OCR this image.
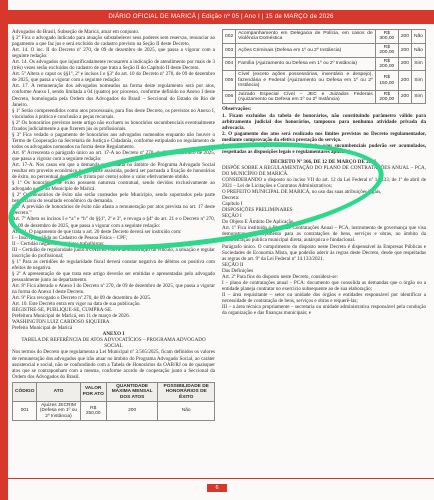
DIÁRIO OFICIAL DE MARICÁ | Edição nº 05 | Ano I | 15 de MARÇO de 2026

Advogados do Brasil, Subseção de Maricá, atuar em conjunto.

§ 2º Fica o advogado indicado para atuação substabelecer seus poderes sem reservas, renunciar ao pagamento a que faz jus e será excluído do cadastro previsto na Seção II deste Decreto.

Art. 14. O inc. II do Decreto nº 270, de 09 de dezembro de 2025, que passa a vigorar com a seguinte redação:

Art. 14. Os advogados que injustificadamente recusarem a indicação de atendimento por mais de 3 (três) vezes serão excluídos do cadastro de que trata a Seção II do Capítulo II deste Decreto.

Art. 5º Altera o caput os §§1º, 2º e incisos I e §3º do art. 10 do Decreto nº 270, de 09 de dezembro de 2025, que passa a vigorar com a seguinte redação:

Art. 17. A remuneração dos advogados nomeados na forma deste regulamento será por atos, conforme Anexo I, sendo limitada a 04 (quatro) por processo, conforme definido no Anexo I deste Decreto, homologada pela Ordem dos Advogados do Brasil – Seccional do Estado do Rio de Janeiro.

§ 1º Serão compreendidos como atos processuais, para fins deste Decreto, os previstos no Anexo I, vinculados à prática e conclusão a peças recursais.

§ 2º Os honorários previstos neste artigo não excluem os honorários sucumbenciais eventualmente fixados judicialmente a que fizerem jus os profissionais.

§ 3º Fica vedado o pagamento de honorários aos advogados nomeados enquanto não houver o Termo de Cooperação na Secretaria de Justiça e Cidadania, conforme estipulado no regulamento de todos os advogados nomeados na forma deste Regulamento.

Art. 6º Acrescenta o parágrafo único ao art. 17-A no Decreto nº 270, de 09 de dezembro de 2025, que passa a vigorar com a seguinte redação:

Art. 17-A. Nos casos em que a demanda patrocinada no âmbito do Programa Advogado Social resultar em proveito econômico para a parte assistida, poderá ser pactuada a fixação de honorários de êxito, no percentual de até 30% (trinta por cento) sobre o valor efetivamente obtido.

§ 1º Os honorários de êxito possuem natureza contratual, sendo devidos exclusivamente ao advogado e não ao Município de Maricá.

§ 2º Os honorários de êxito não serão custeados pelo Município, sendo suportados pela parte beneficiária do resultado econômico da demanda.

§ 3º A previsão de honorários de êxito não afasta a remuneração por atos prevista no art. 17 deste Decreto.”

Art. 7º Altera os incisos I e “a” e “h” do §§1º, 2º e 3º, e revoga o §4º do art. 21 e o Decreto nº 270, de 09 de dezembro de 2025, que passa a vigorar com a seguinte redação:

Art. 21. O pagamento de que trata o art. 20 deste Decreto deverá ser instruído com:

I – Inscrição válida no Cadastro de Pessoa Física – CPF;

II – Certidão negativa de débitos trabalhistas;

III – Certidão de regularidade junto à OAB/RJ com a demonstração do vínculo, a situação e regular inscrição do profissional;

§ 1º Para as certidões de regularidade fiscal deverá constar negativa de débitos ou positiva com efeitos de negativa.

§ 2º A apresentação de que trata este artigo deverão ser emitidas e apresentadas pelo advogado pessoalmente junto ao departamento.

Art. 8º Fica alterado o Anexo I do Decreto nº 270, de 09 de dezembro de 2025, que passa a vigorar na forma do Anexo I deste Decreto.

Art. 9º Fica revogado o Decreto nº 270, de 09 de dezembro de 2025.

Art. 10. Este Decreto entra em vigor na data de sua publicação.

REGISTRE-SE, PUBLIQUE-SE, CUMPRA-SE.

Prefeitura Municipal de Maricá, em 11 de março de 2026.

WASHINGTON LUIZ CARDOSO SIQUEIRA

Prefeito Municipal de Maricá

ANEXO I

TABELA DE REFERÊNCIA DE ATOS ADVOCATÍCIOS – PROGRAMA ADVOGADO SOCIAL

Nos termos do Decreto que regulamenta a Lei Municipal nº 3.565/2025, ficam definidos os valores de remuneração dos advogados que irão atuar no âmbito do Programa Advogado Social, ao caráter assistencial e social, não se confundindo com a Tabela de Honorários da OAB/RJ ou de quaisquer atos que se contraponham com a mesma, conforme acordo de cooperação junto a Seccional da Ordem dos Advogados do Brasil.

CÓDIGO	ATO	VALOR POR ATO	QUANTIDADE MÁXIMA MENSAL DOS ATOS	POSSIBILIDADE DE HONORÁRIOS DE ÊXITO
001	Ajuizes JECRIM (Defesa em 1º ou 2º Instância)	R$ 250,00	200	Não
002	Acompanhamento em Delegacia de Polícia, em casos de Violência Doméstica	R$ 300,00	200	Não
003	Ações Criminais (Defesa em 1º ou 2º Instância)	R$ 200,00	200	Não
004	Família (Ajuizamento ou Defesa em 1º ou 2º Instância)	R$ 200,00	200	Sim
005	Cível (exceto ações possessórias, inventário e despejo), fazendária e Federal (Ajuizamento ou Defesa em 1º ou 2º Instância)	R$ 150,00	200	Sim
006	Juizado Especial Cível – JEC e Juizados Federais (Ajuizamento ou Defesa em 1º ou 2º Instância)	R$ 200,00	200	Sim

Observações:

1. Ficam excluídos da tabela de honorários, não constituindo parâmetro válido para arbitramento judicial dos honorários, tampouco para nenhuma atividade privada da advocacia.

2. O pagamento dos atos será realizado nos limites previstos no Decreto regulamentador, mediante comprovação da efetiva prestação do serviço.

3. Quando cabível, os honorários de êxito e/ou sucumbenciais poderão ser acumulados, respeitadas as disposições legais e regulamentares aplicáveis.

DECRETO Nº 366, DE 12 DE MARÇO DE 2026.

DISPÕE SOBRE A REGULAMENTAÇÃO DO PLANO DE CONTRATAÇÕES ANUAL – PCA, DO MUNICÍPIO DE MARICÁ.

CONSIDERANDO o disposto no inciso VII do art. 12 da Lei Federal nº 14.133, de 1º de abril de 2021 – Lei de Licitações e Contratos Administrativos;

O PREFEITO MUNICIPAL DE MARICÁ, no uso das suas atribuições legais,

Decreta:

Capítulo I

DISPOSIÇÕES PRELIMINARES

SEÇÃO I

Do Objeto E Âmbito De Aplicação

Art. 1º Fica instituído o Plano de Contratações Anual – PCA, instrumento de governança que visa demonstrar o planejamento para as contratações de bens, serviços e obras, no âmbito da administração pública municipal direta, autárquica e fundacional.

Parágrafo único. O cumprimento do disposto neste Decreto é dispensável às Empresas Públicas e Sociedades de Economia Mista, que poderão aderir às regras deste Decreto, desde que respeitadas as regras do art. 9º da Lei Federal nº 14.133/2021.

SEÇÃO II

Das Definições

Art. 2º Para fins do disposto neste Decreto, considera-se:

I – plano de contratações anual – PCA: documento que consolida as demandas que o órgão ou a entidade planeja contratar no exercício subsequente ao de sua elaboração;

II – área requisitante – setor ou unidade dos órgãos e entidades responsável por identificar a necessidade de contratação de bens, serviços e obras e requerê-las;

III – a área técnica propriamente – secretaria ou unidade administrativa responsável pela condução da organização e das finanças municipais; e

6
